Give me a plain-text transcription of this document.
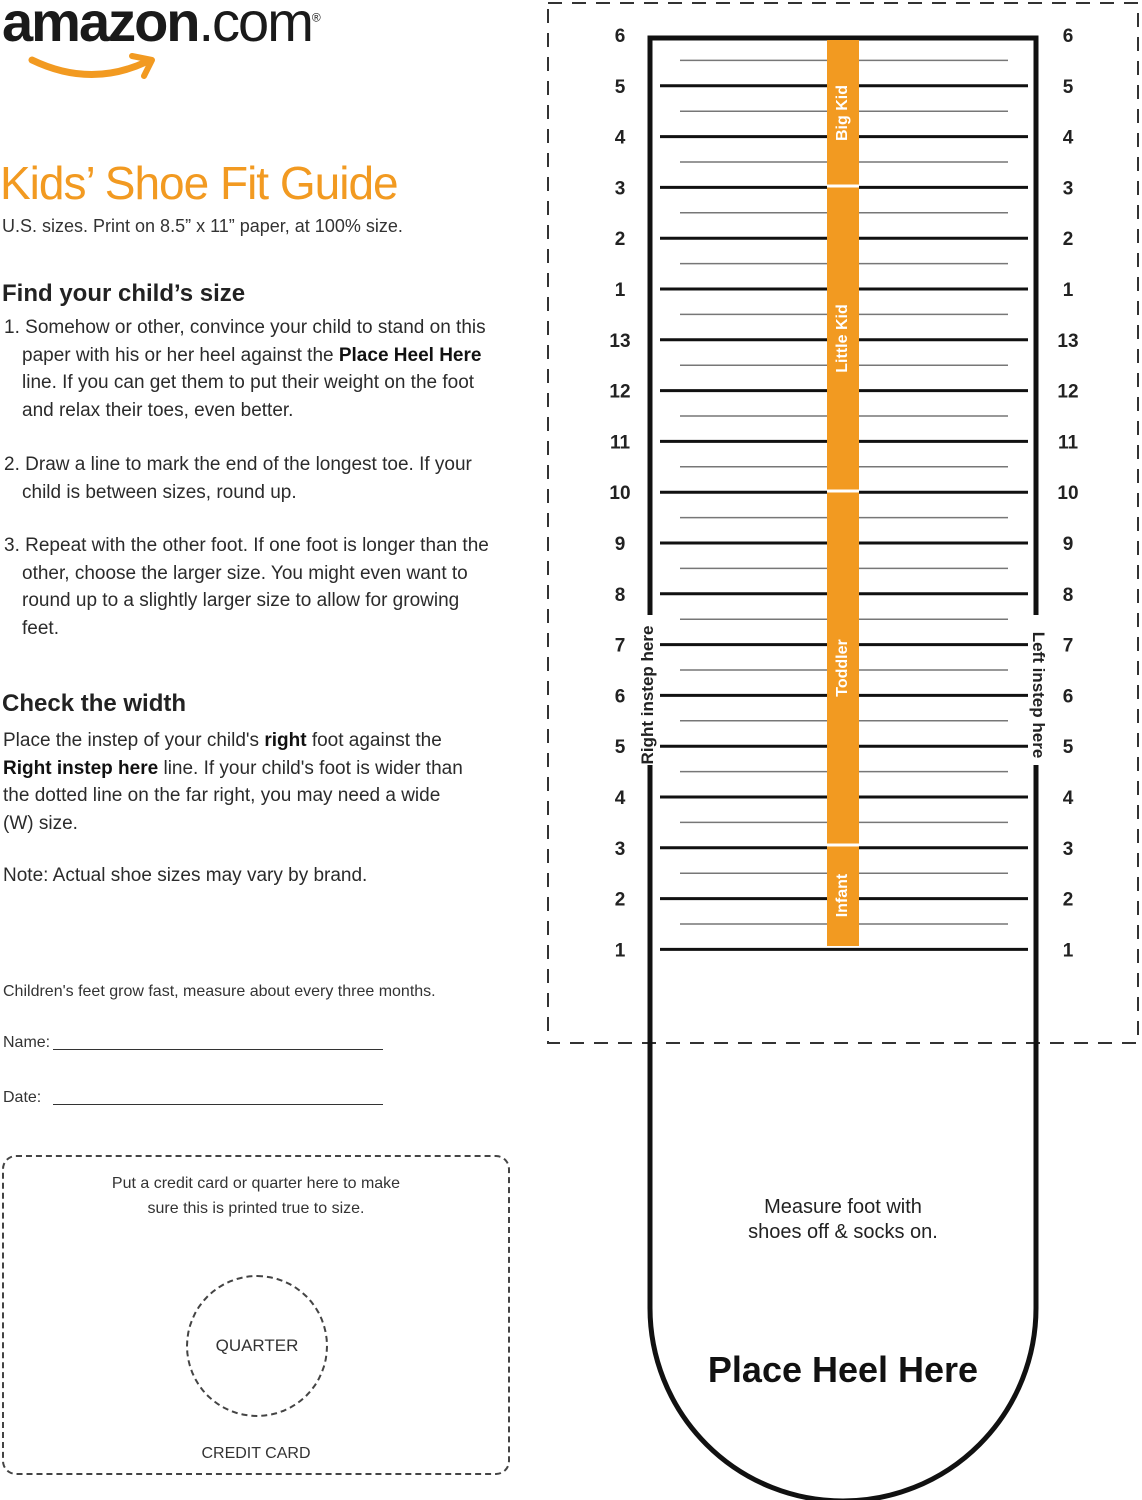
amazon.com®
Kids’ Shoe Fit Guide
U.S. sizes. Print on 8.5” x 11” paper, at 100% size.
Find your child’s size
1. Somehow or other, convince your child to stand on this paper with his or her heel against the Place Heel Here line. If you can get them to put their weight on the foot and relax their toes, even better.
2. Draw a line to mark the end of the longest toe. If your child is between sizes, round up.
3. Repeat with the other foot. If one foot is longer than the other, choose the larger size. You might even want to round up to a slightly larger size to allow for growing feet.
Check the width
Place the instep of your child's right foot against the Right instep here line. If your child's foot is wider than the dotted line on the far right, you may need a wide (W) size.
Note: Actual shoe sizes may vary by brand.
Children's feet grow fast, measure about every three months.
Name:
Date:
Put a credit card or quarter here to make
sure this is printed true to size.
QUARTER
CREDIT CARD
6	6
5	5
4	4
3	3
2	2
1	1
13	13
12	12
11	11
10	10
9	9
8	8
7	7
6	6
5	5
4	4
3	3
2	2
1	1
Big Kid
Little Kid
Toddler
Infant
Right instep here	Left instep here
Measure foot with
shoes off & socks on.
Place Heel Here
